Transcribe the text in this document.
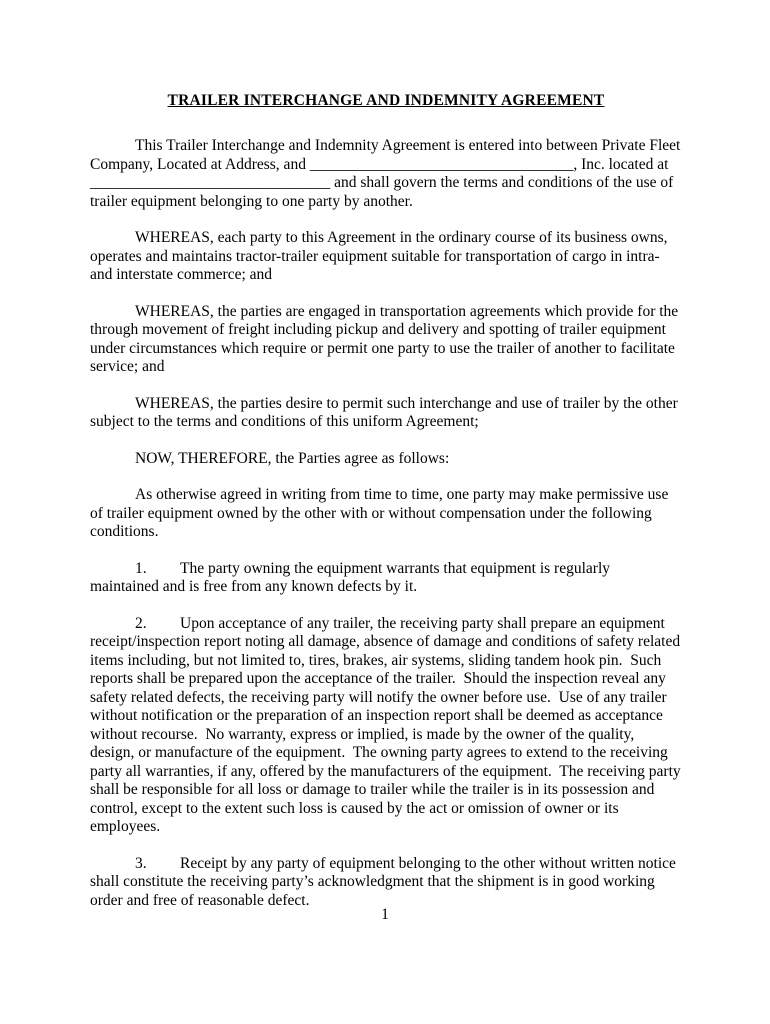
TRAILER INTERCHANGE AND INDEMNITY AGREEMENT

This Trailer Interchange and Indemnity Agreement is entered into between Private Fleet Company, Located at Address, and __________________________________, Inc. located at _______________________________ and shall govern the terms and conditions of the use of trailer equipment belonging to one party by another.

WHEREAS, each party to this Agreement in the ordinary course of its business owns, operates and maintains tractor-trailer equipment suitable for transportation of cargo in intra- and interstate commerce; and

WHEREAS, the parties are engaged in transportation agreements which provide for the through movement of freight including pickup and delivery and spotting of trailer equipment under circumstances which require or permit one party to use the trailer of another to facilitate service; and

WHEREAS, the parties desire to permit such interchange and use of trailer by the other subject to the terms and conditions of this uniform Agreement;

NOW, THEREFORE, the Parties agree as follows:

As otherwise agreed in writing from time to time, one party may make permissive use of trailer equipment owned by the other with or without compensation under the following conditions.

1. The party owning the equipment warrants that equipment is regularly maintained and is free from any known defects by it.

2. Upon acceptance of any trailer, the receiving party shall prepare an equipment receipt/inspection report noting all damage, absence of damage and conditions of safety related items including, but not limited to, tires, brakes, air systems, sliding tandem hook pin.  Such reports shall be prepared upon the acceptance of the trailer.  Should the inspection reveal any safety related defects, the receiving party will notify the owner before use.  Use of any trailer without notification or the preparation of an inspection report shall be deemed as acceptance without recourse.  No warranty, express or implied, is made by the owner of the quality, design, or manufacture of the equipment.  The owning party agrees to extend to the receiving party all warranties, if any, offered by the manufacturers of the equipment.  The receiving party shall be responsible for all loss or damage to trailer while the trailer is in its possession and control, except to the extent such loss is caused by the act or omission of owner or its employees.

3. Receipt by any party of equipment belonging to the other without written notice shall constitute the receiving party’s acknowledgment that the shipment is in good working order and free of reasonable defect.

1
